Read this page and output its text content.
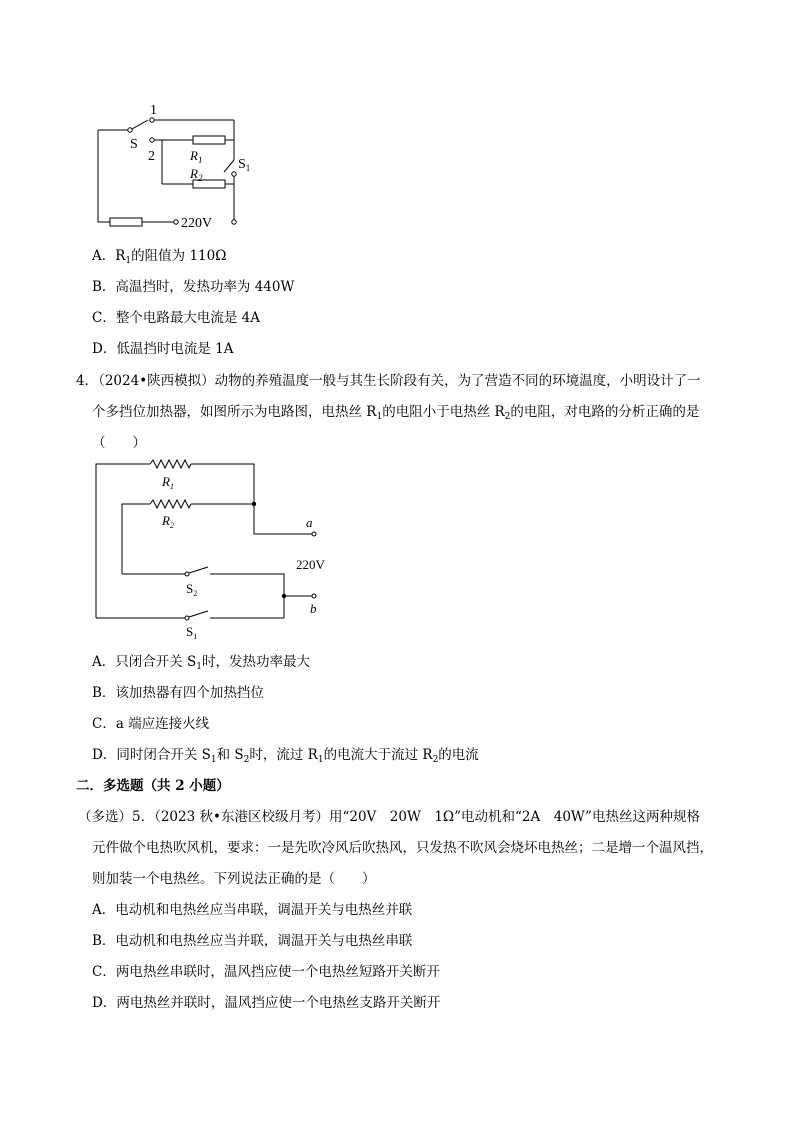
1
2
S
$R_1$
$R_2$
$S_1$
220V
A．$R_1$的阻值为 110Ω
B．高温挡时，发热功率为 440W
C．整个电路最大电流是 4A
D．低温挡时电流是 1A
4．（2024•陕西模拟）动物的养殖温度一般与其生长阶段有关，为了营造不同的环境温度，小明设计了一
个多挡位加热器，如图所示为电路图，电热丝 $R_1$的电阻小于电热丝 $R_2$的电阻，对电路的分析正确的是
（　　）
$R_1$
$R_2$	a
220V
b
$S_2$
$S_1$
A．只闭合开关 $S_1$时，发热功率最大
B．该加热器有四个加热挡位
C．a 端应连接火线
D．同时闭合开关 $S_1$和 $S_2$时，流过 $R_1$的电流大于流过 $R_2$的电流
二．多选题（共 2 小题）
（多选）5．（2023 秋•东港区校级月考）用“20V　20W　1Ω”电动机和“2A　40W”电热丝这两种规格
元件做个电热吹风机，要求：一是先吹冷风后吹热风，只发热不吹风会烧坏电热丝；二是增一个温风挡，
则加装一个电热丝。下列说法正确的是（　　）
A．电动机和电热丝应当串联，调温开关与电热丝并联
B．电动机和电热丝应当并联，调温开关与电热丝串联
C．两电热丝串联时，温风挡应使一个电热丝短路开关断开
D．两电热丝并联时，温风挡应使一个电热丝支路开关断开
